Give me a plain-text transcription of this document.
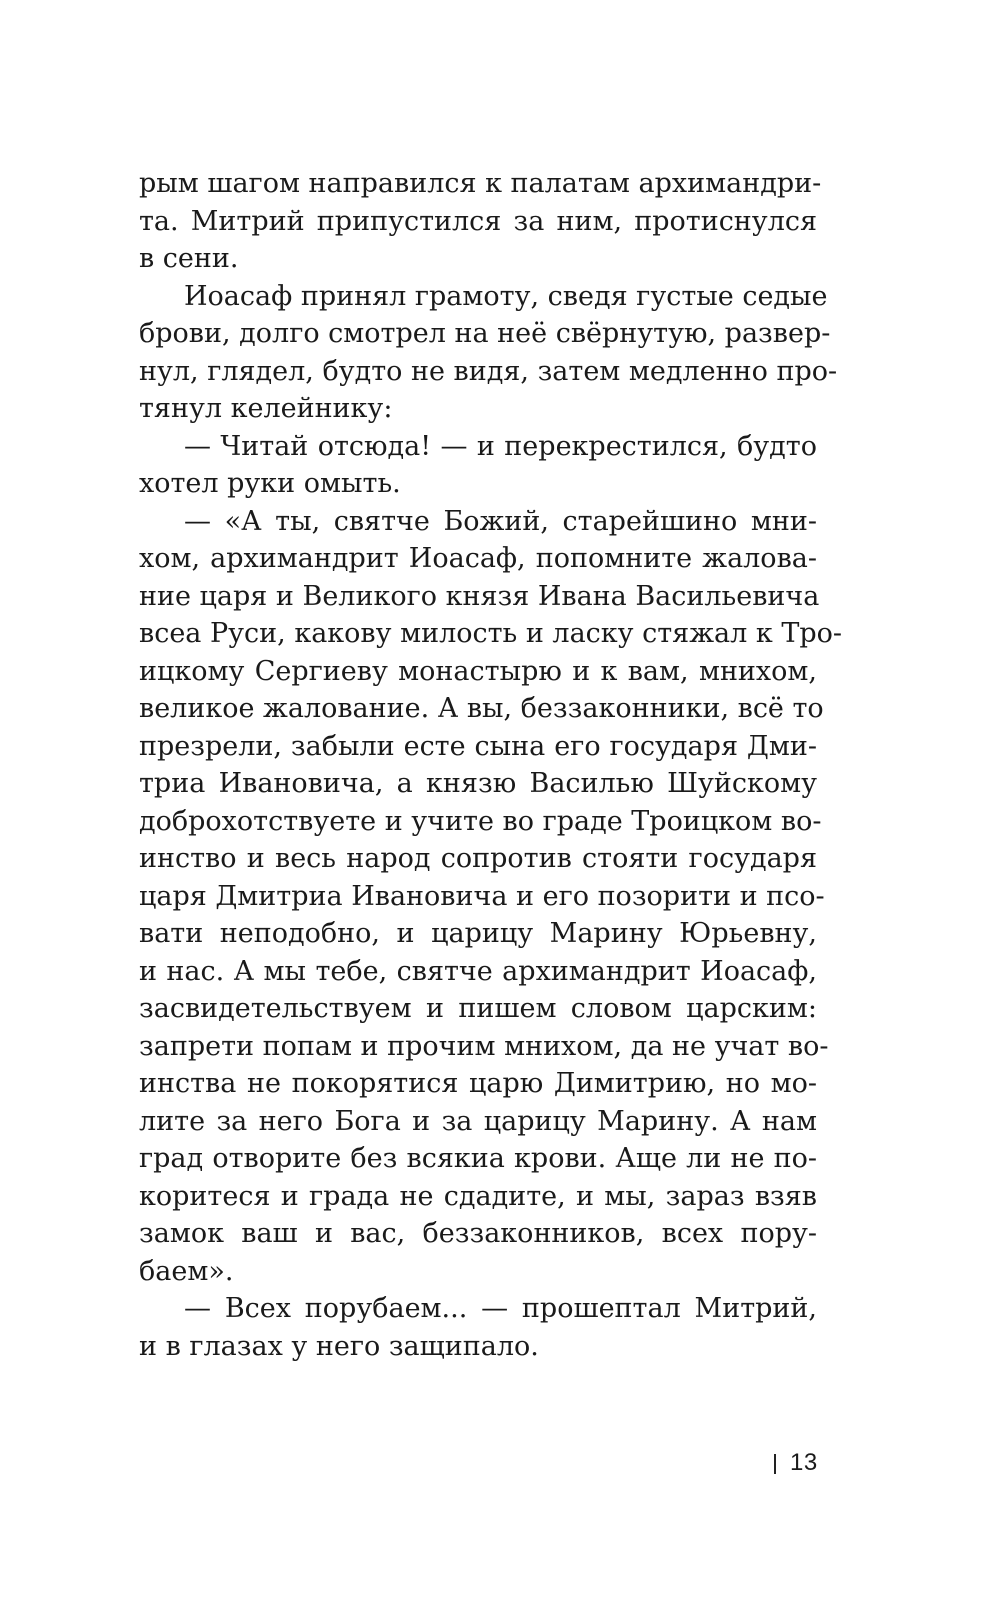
рым шагом направился к палатам архимандри-
та. Митрий припустился за ним, протиснулся
в сени.
Иоасаф принял грамоту, сведя густые седые
брови, долго смотрел на неё свёрнутую, развер-
нул, глядел, будто не видя, затем медленно про-
тянул келейнику:
— Читай отсюда! — и перекрестился, будто
хотел руки омыть.
— «А ты, святче Божий, старейшино мни-
хом, архимандрит Иоасаф, попомните жалова-
ние царя и Великого князя Ивана Васильевича
всеа Руси, какову милость и ласку стяжал к Тро-
ицкому Сергиеву монастырю и к вам, мнихом,
великое жалование. А вы, беззаконники, всё то
презрели, забыли есте сына его государя Дми-
триа Ивановича, а князю Василью Шуйскому
доброхотствуете и учите во граде Троицком во-
инство и весь народ сопротив стояти государя
царя Дмитриа Ивановича и его позорити и псо-
вати неподобно, и царицу Марину Юрьевну,
и нас. А мы тебе, святче архимандрит Иоасаф,
засвидетельствуем и пишем словом царским:
запрети попам и прочим мнихом, да не учат во-
инства не покорятися царю Димитрию, но мо-
лите за него Бога и за царицу Марину. А нам
град отворите без всякиа крови. Аще ли не по-
коритеся и града не сдадите, и мы, зараз взяв
замок ваш и вас, беззаконников, всех пору-
баем».
— Всех порубаем... — прошептал Митрий,
и в глазах у него защипало.
13
